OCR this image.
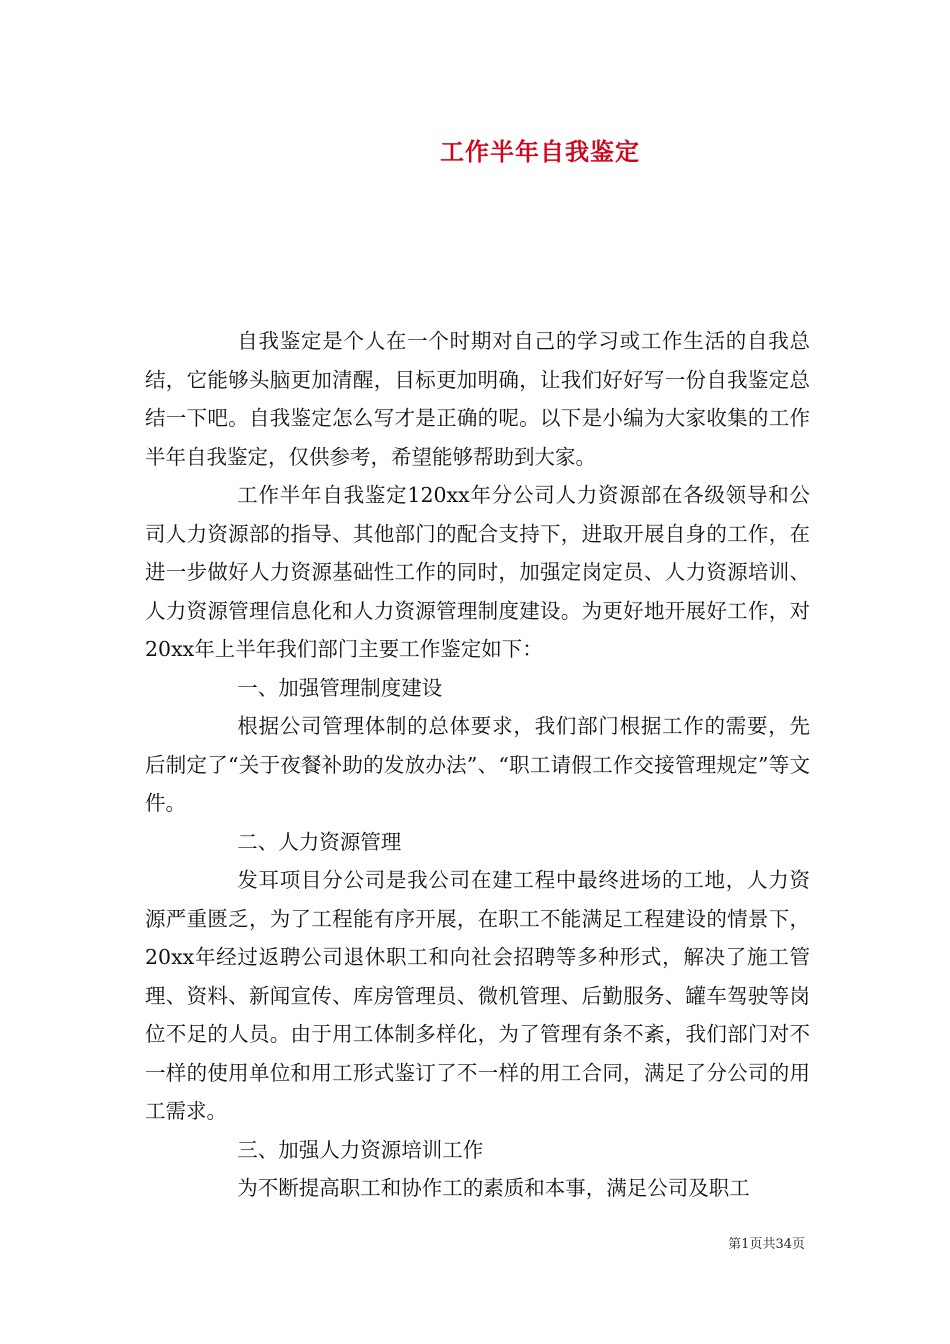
工作半年自我鉴定

自我鉴定是个人在一个时期对自己的学习或工作生活的自我总结，它能够头脑更加清醒，目标更加明确，让我们好好写一份自我鉴定总结一下吧。自我鉴定怎么写才是正确的呢。以下是小编为大家收集的工作半年自我鉴定，仅供参考，希望能够帮助到大家。

工作半年自我鉴定120xx年分公司人力资源部在各级领导和公司人力资源部的指导、其他部门的配合支持下，进取开展自身的工作，在进一步做好人力资源基础性工作的同时，加强定岗定员、人力资源培训、人力资源管理信息化和人力资源管理制度建设。为更好地开展好工作，对20xx年上半年我们部门主要工作鉴定如下：

一、加强管理制度建设

根据公司管理体制的总体要求，我们部门根据工作的需要，先后制定了“关于夜餐补助的发放办法”、“职工请假工作交接管理规定”等文件。

二、人力资源管理

发耳项目分公司是我公司在建工程中最终进场的工地，人力资源严重匮乏，为了工程能有序开展，在职工不能满足工程建设的情景下，20xx年经过返聘公司退休职工和向社会招聘等多种形式，解决了施工管理、资料、新闻宣传、库房管理员、微机管理、后勤服务、罐车驾驶等岗位不足的人员。由于用工体制多样化，为了管理有条不紊，我们部门对不一样的使用单位和用工形式鉴订了不一样的用工合同，满足了分公司的用工需求。

三、加强人力资源培训工作

为不断提高职工和协作工的素质和本事，满足公司及职工

第1页共34页
